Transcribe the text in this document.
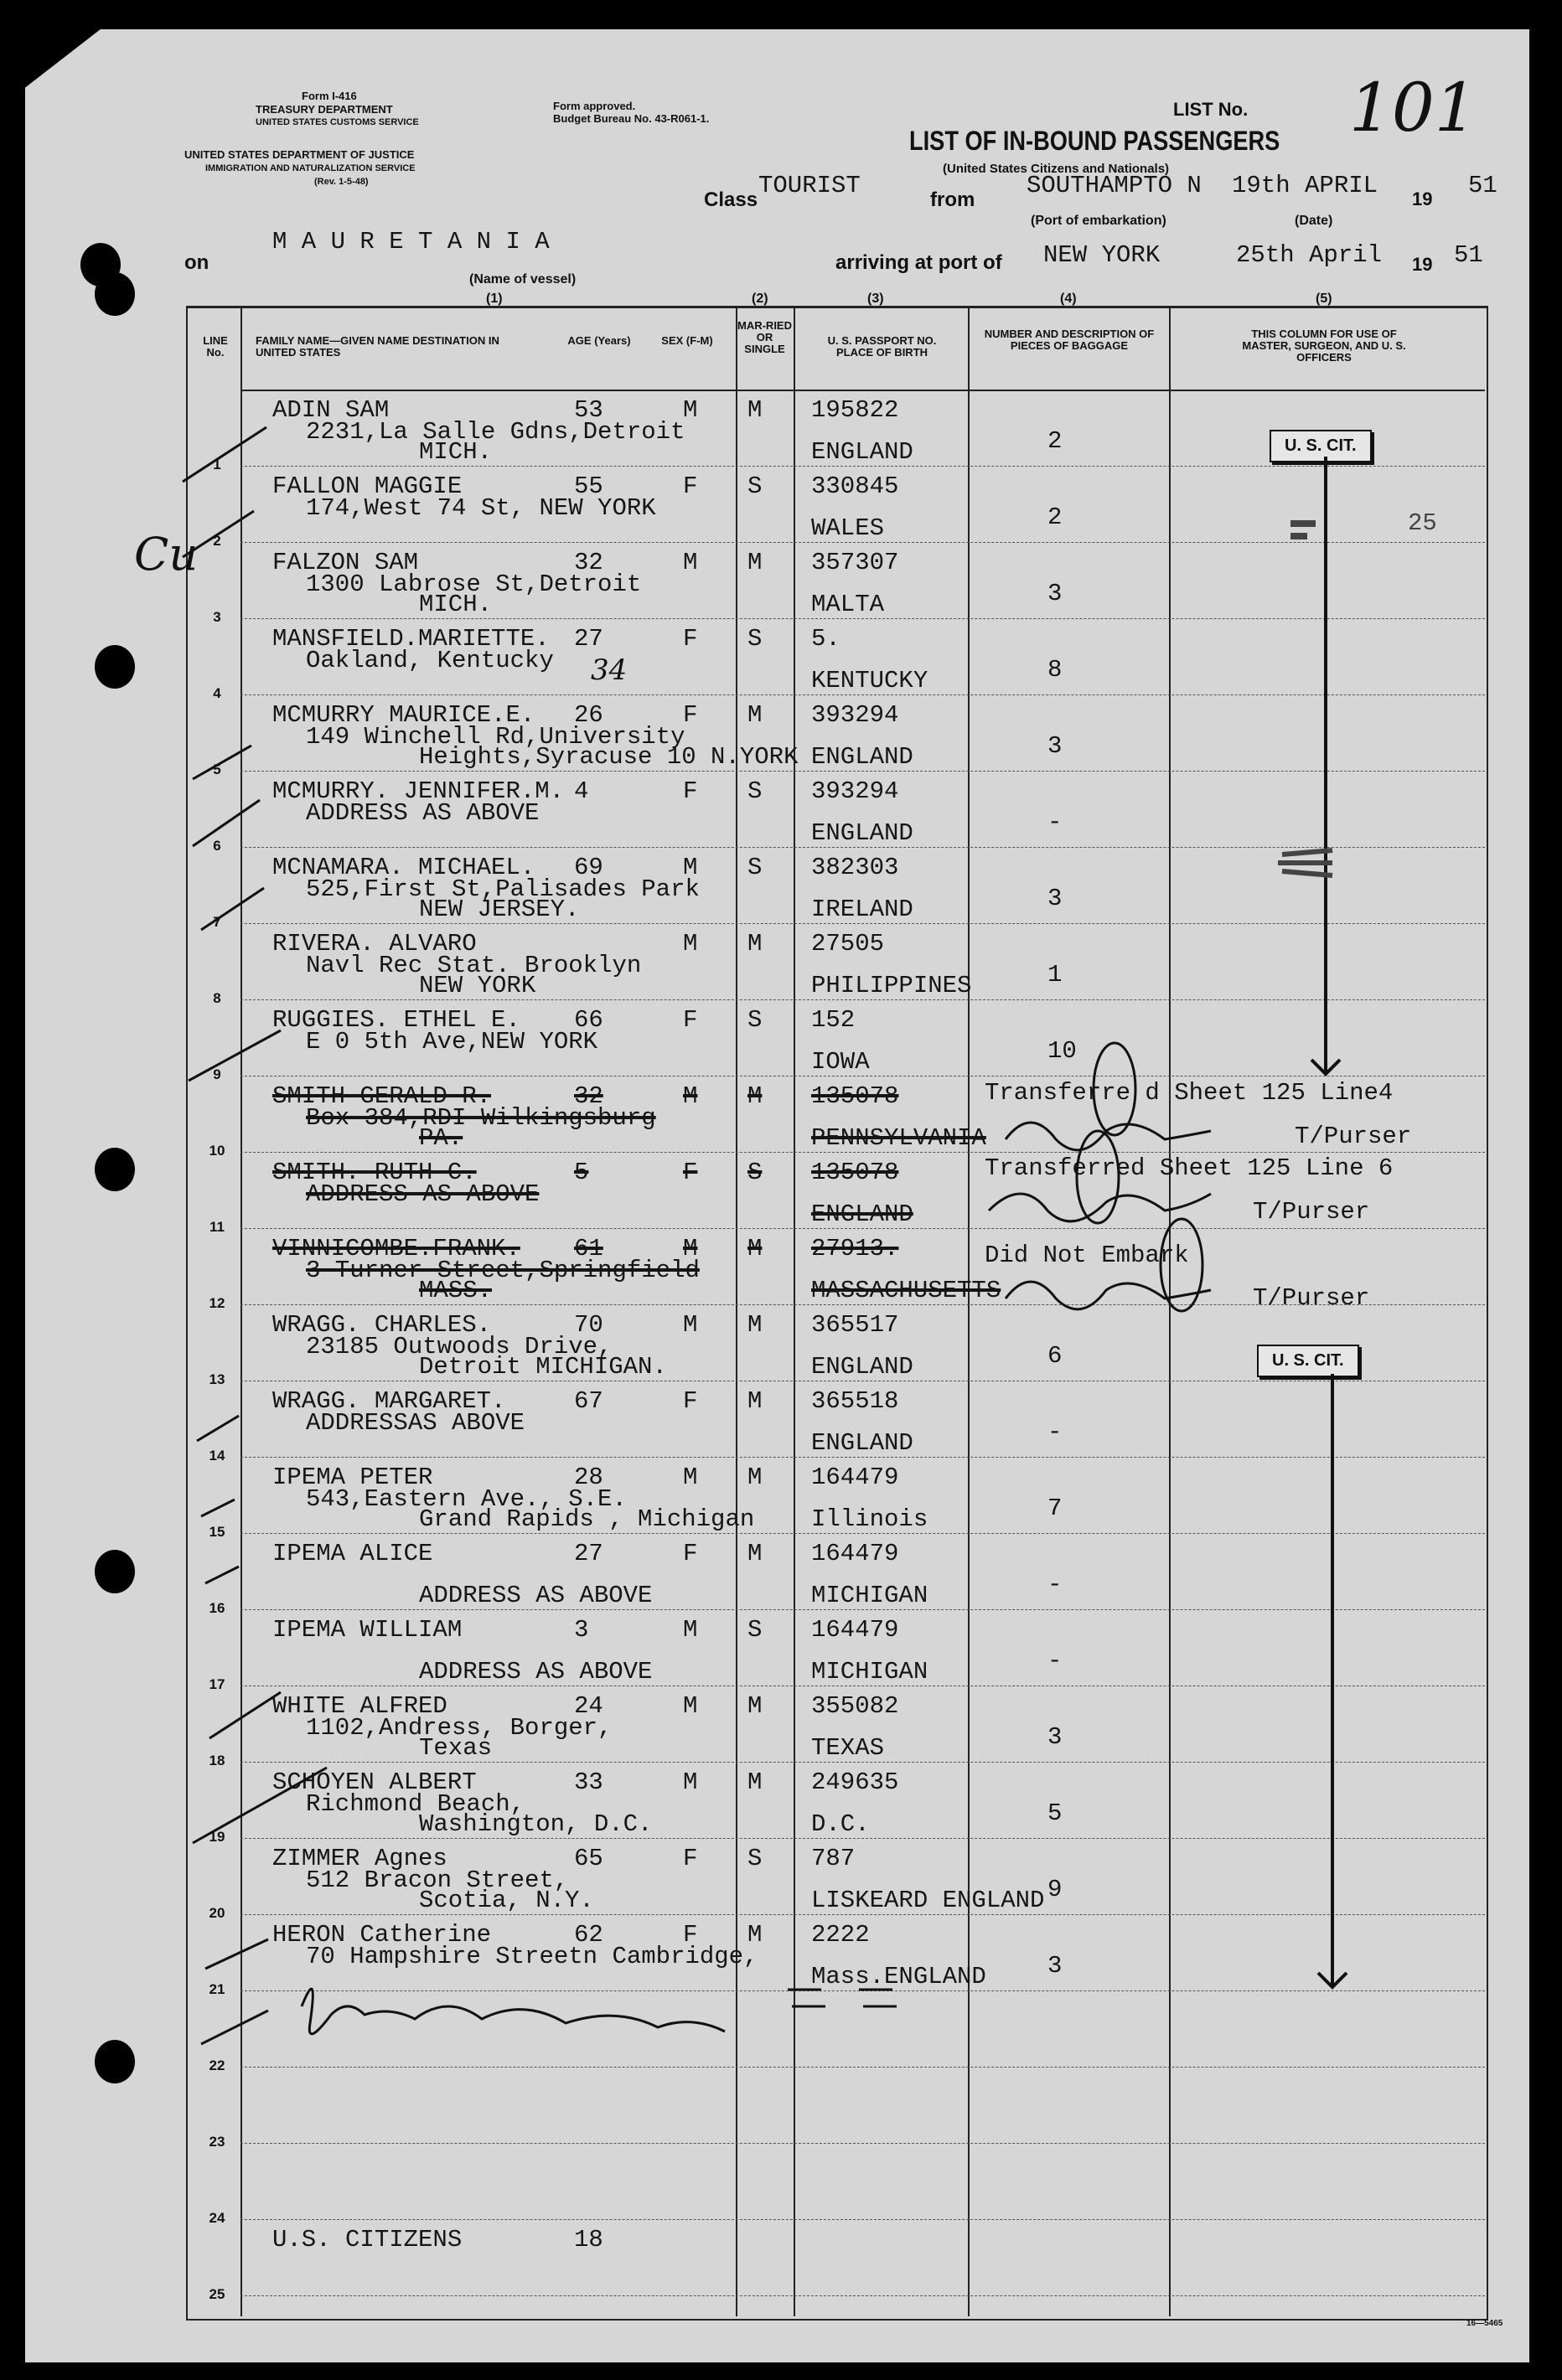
Form I-416
TREASURY DEPARTMENT
UNITED STATES CUSTOMS SERVICE
UNITED STATES DEPARTMENT OF JUSTICE
IMMIGRATION AND NATURALIZATION SERVICE
(Rev. 1-5-48)
Form approved.
Budget Bureau No. 43-R061-1.	LIST No. 101
LIST OF IN-BOUND PASSENGERS
(United States Citizens and Nationals)
Class
TOURIST
from
SOUTHAMPTO N 19th APRIL 19 51
(Port of embarkation)	(Date)
on
M A U R E T A N I A
(Name of vessel)
arriving at port of NEW YORK	25th April 19 51
(1)	(2)	(3)	(4)	(5)
LINE No.
FAMILY NAME—GIVEN NAME DESTINATION IN UNITED STATES
AGE (Years)	SEX (F-M)
MAR-RIED OR SINGLE
U. S. PASSPORT NO. PLACE OF BIRTH
NUMBER AND DESCRIPTION OF PIECES OF BAGGAGE
THIS COLUMN FOR USE OF MASTER, SURGEON, AND U. S. OFFICERS
1
ADIN SAM
2231,La Salle Gdns,Detroit
MICH.
53	M M 195822
ENGLAND	2
2
FALLON MAGGIE
174,West 74 St, NEW YORK
55	F S 330845
WALES	2
3
FALZON SAM
1300 Labrose St,Detroit
MICH.
32	M M 357307
MALTA	3
4
MANSFIELD.MARIETTE.
Oakland, Kentucky
27	F S 5.
KENTUCKY	8
5
MCMURRY MAURICE.E.
149 Winchell Rd,University
Heights,Syracuse 10 N.YORK
26	F M 393294
ENGLAND	3
6
MCMURRY. JENNIFER.M.
ADDRESS AS ABOVE
4	F S 393294
ENGLAND	-
7
MCNAMARA. MICHAEL.
525,First St,Palisades Park
NEW JERSEY.
69	M S 382303
IRELAND	3
8
RIVERA. ALVARO
Navl Rec Stat. Brooklyn
NEW YORK
M M 27505
PHILIPPINES	1
9
RUGGIES. ETHEL E.
E 0 5th Ave,NEW YORK
66	F S 152
IOWA	10
10
SMITH GERALD R.
Box 384,RDI Wilkingsburg
PA.
32	M M 135078
PENNSYLVANIA
11
SMITH. RUTH C.
ADDRESS AS ABOVE
5	F S 135078
ENGLAND
12
VINNICOMBE.FRANK.
3 Turner Street,Springfield
MASS.
61	M M 27913.
MASSACHUSETTS
13
WRAGG. CHARLES.
23185 Outwoods Drive,
Detroit MICHIGAN.
70	M M 365517
ENGLAND	6
14
WRAGG. MARGARET.
ADDRESSAS ABOVE
67	F M 365518
ENGLAND	-
15
IPEMA PETER
543,Eastern Ave., S.E.
Grand Rapids , Michigan
28	M M 164479
Illinois	7
16
IPEMA ALICE
ADDRESS AS ABOVE
27	F M 164479
MICHIGAN	-
17
IPEMA WILLIAM
ADDRESS AS ABOVE
3	M S 164479
MICHIGAN	-
18
WHITE ALFRED
1102,Andress, Borger,
Texas
24	M M 355082
TEXAS	3
19
SCHOYEN ALBERT
Richmond Beach,
Washington, D.C.
33	M M 249635
D.C.	5
20
ZIMMER Agnes
512 Bracon Street,
Scotia, N.Y.
65	F S 787
LISKEARD ENGLAND 9
21
HERON Catherine
70 Hampshire Streetn Cambridge,
62	F M 2222
Mass.ENGLAND	3
22
23
24
25
U.S. CITIZENS	18
U. S. CIT.
U. S. CIT.
25
34
Cu
Transferre d Sheet 125 Line4
T/Purser
Transferred Sheet 125 Line 6
T/Purser
Did Not Embark
T/Purser
16—5465
